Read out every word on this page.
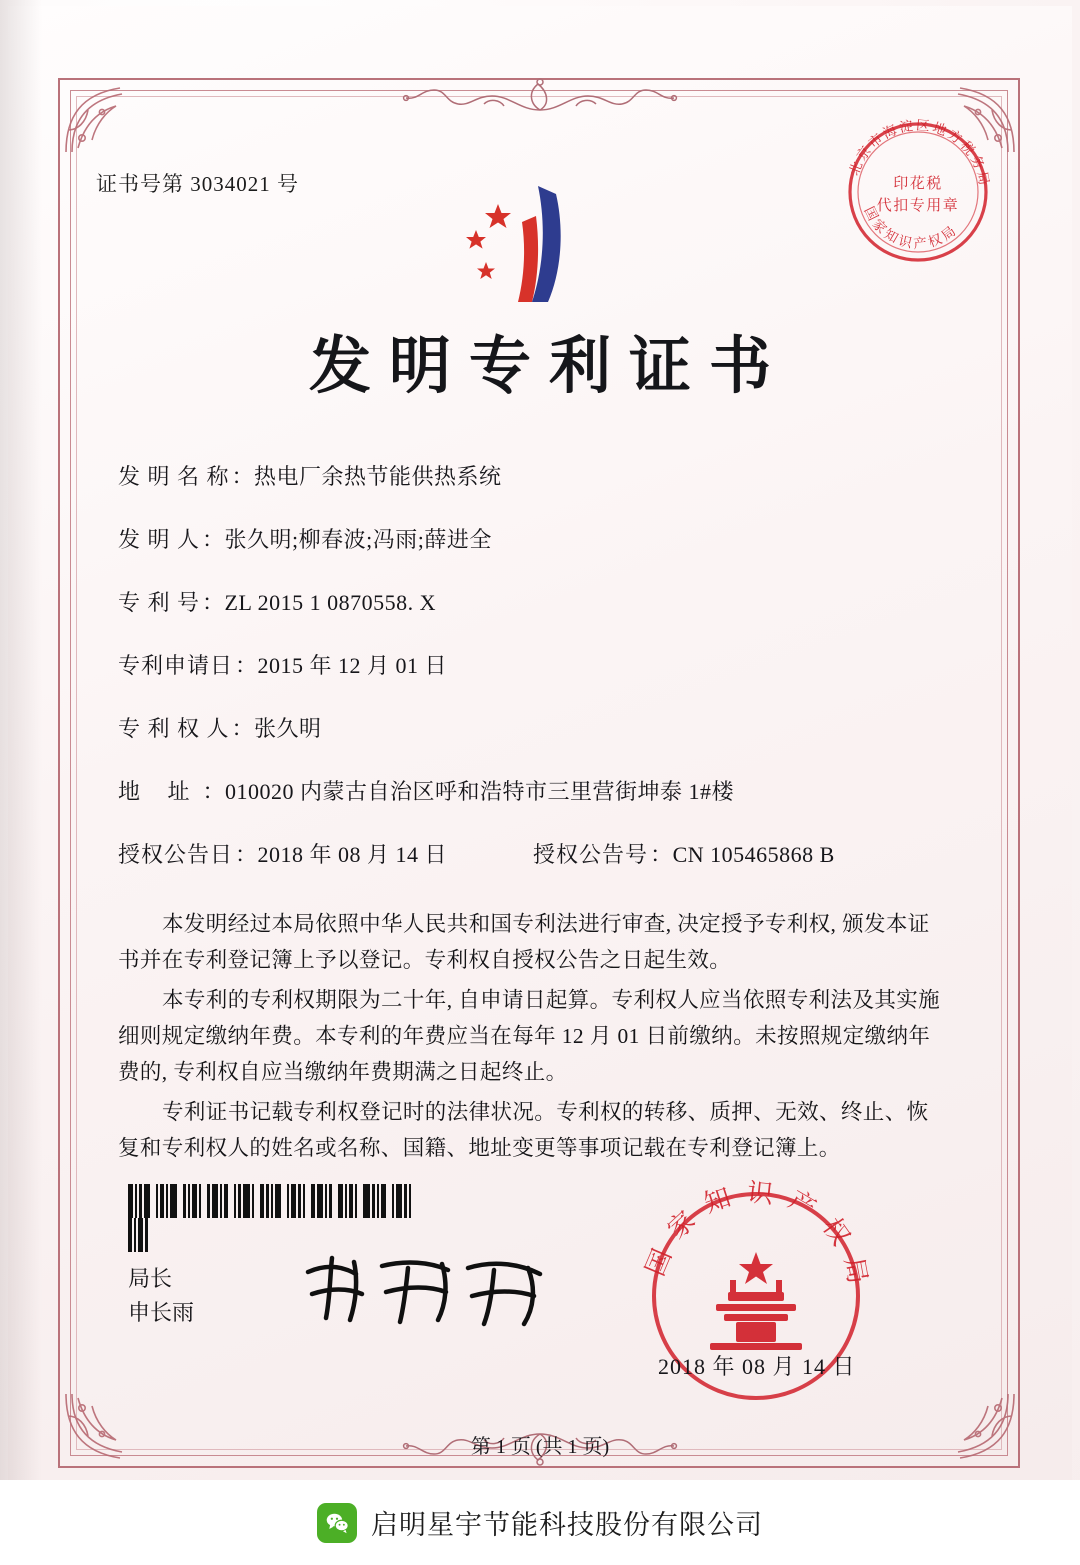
证书号第 3034021 号
北京市海淀区地方税务局
国家知识产权局
印花税
代扣专用章
发明专利证书
发 明 名 称 ：热电厂余热节能供热系统
发 明 人 ：张久明;柳春波;冯雨;薛进全
专 利 号 ：ZL 2015 1 0870558. X
专利申请日 ：2015 年 12 月 01 日
专 利 权 人 ：张久明
地 址 ：010020 内蒙古自治区呼和浩特市三里营街坤泰 1#楼
授权公告日 ：2018 年 08 月 14 日	授权公告号 ：CN 105465868 B

本发明经过本局依照中华人民共和国专利法进行审查, 决定授予专利权, 颁发本证书并在专利登记簿上予以登记。专利权自授权公告之日起生效。

本专利的专利权期限为二十年, 自申请日起算。专利权人应当依照专利法及其实施细则规定缴纳年费。本专利的年费应当在每年 12 月 01 日前缴纳。未按照规定缴纳年费的, 专利权自应当缴纳年费期满之日起终止。

专利证书记载专利权登记时的法律状况。专利权的转移、质押、无效、终止、恢复和专利权人的姓名或名称、国籍、地址变更等事项记载在专利登记簿上。

局长
申长雨
国家知识产权局
2018 年 08 月 14 日
第 1 页 (共 1 页)
启明星宇节能科技股份有限公司
